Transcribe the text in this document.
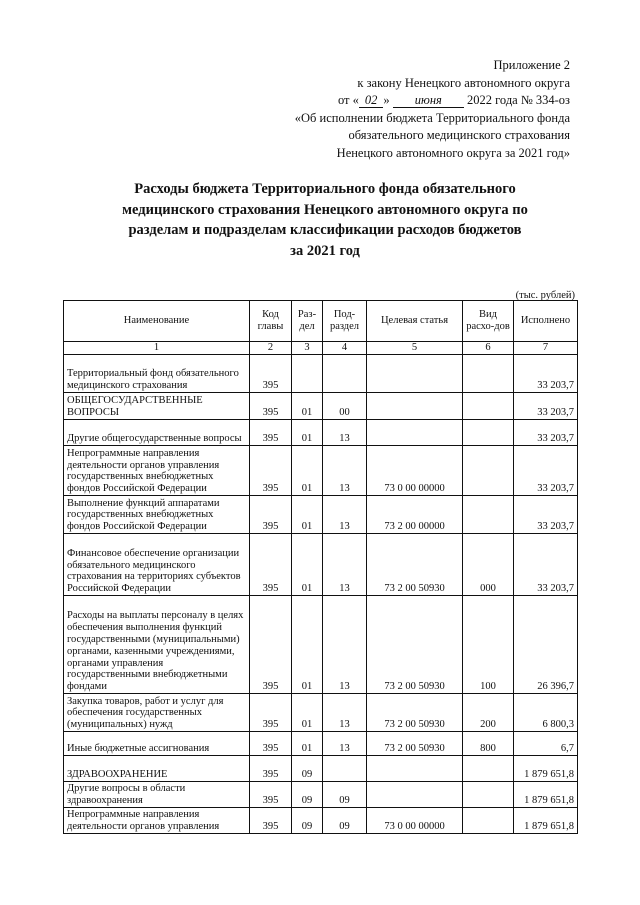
Приложение 2
к закону Ненецкого автономного округа
от « 02 » июня 2022 года № 334-оз
«Об исполнении бюджета Территориального фонда
обязательного медицинского страхования
Ненецкого автономного округа за 2021 год»
Расходы бюджета Территориального фонда обязательного
медицинского страхования Ненецкого автономного округа по
разделам и подразделам классификации расходов бюджетов
за 2021 год
(тыс. рублей)
Наименование	Код главы	Раз-дел	Под-раздел	Целевая статья	Вид расхо-дов	Исполнено
1	2	3	4	5	6	7
Территориальный фонд обязательного медицинского страхования	395					33 203,7
ОБЩЕГОСУДАРСТВЕННЫЕ ВОПРОСЫ	395	01	00			33 203,7
Другие общегосударственные вопросы	395	01	13			33 203,7
Непрограммные направления деятельности органов управления государственных внебюджетных фондов Российской Федерации	395	01	13	73 0 00 00000		33 203,7
Выполнение функций аппаратами государственных внебюджетных фондов Российской Федерации	395	01	13	73 2 00 00000		33 203,7
Финансовое обеспечение организации обязательного медицинского страхования на территориях субъектов Российской Федерации	395	01	13	73 2 00 50930	000	33 203,7
Расходы на выплаты персоналу в целях обеспечения выполнения функций государственными (муниципальными) органами, казенными учреждениями, органами управления государственными внебюджетными фондами	395	01	13	73 2 00 50930	100	26 396,7
Закупка товаров, работ и услуг для обеспечения государственных (муниципальных) нужд	395	01	13	73 2 00 50930	200	6 800,3
Иные бюджетные ассигнования	395	01	13	73 2 00 50930	800	6,7
ЗДРАВООХРАНЕНИЕ	395	09				1 879 651,8
Другие вопросы в области здравоохранения	395	09	09			1 879 651,8
Непрограммные направления деятельности органов управления	395	09	09	73 0 00 00000		1 879 651,8
